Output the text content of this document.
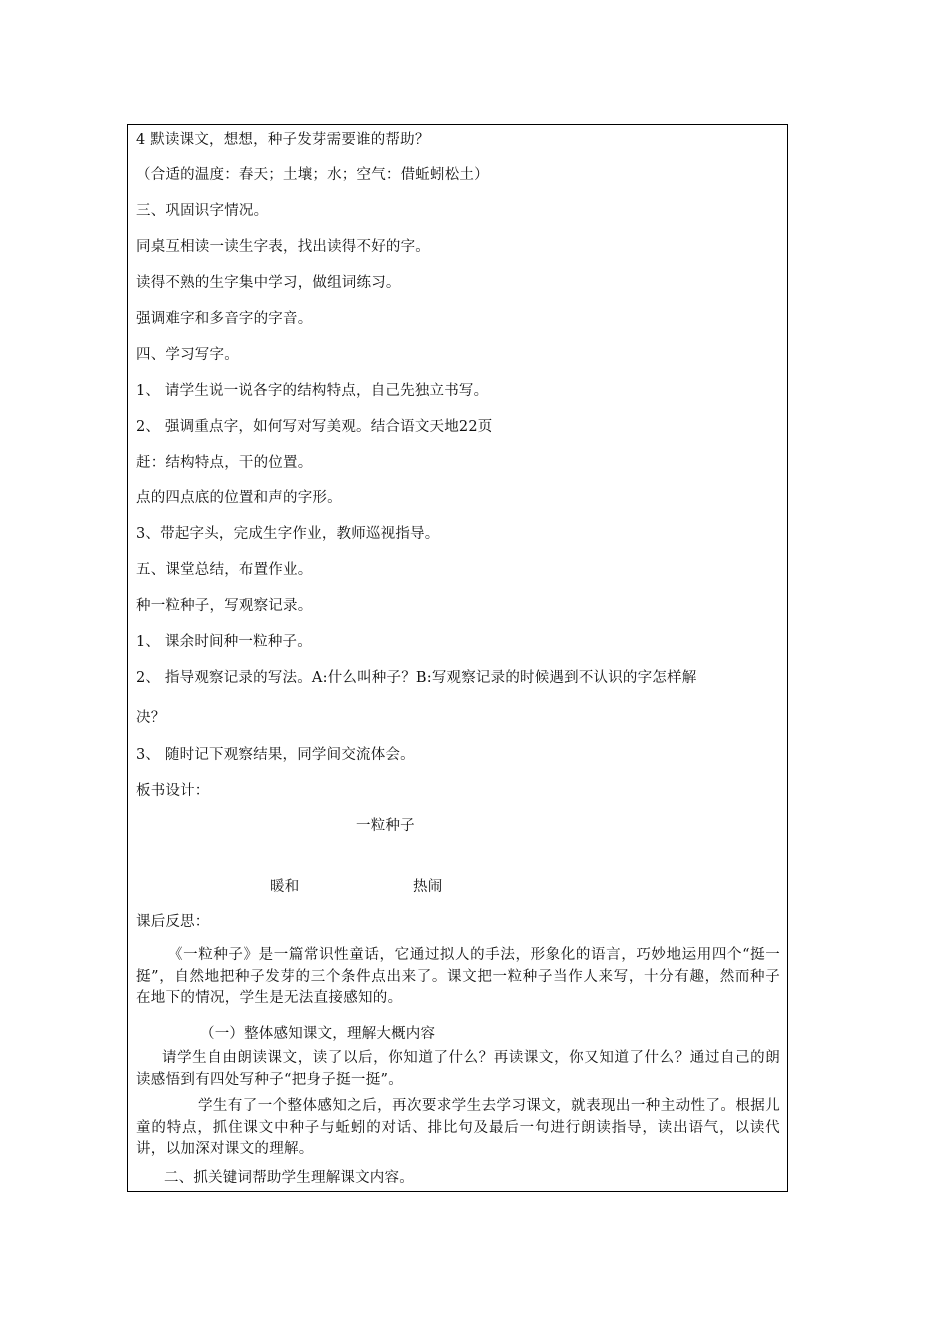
4 默读课文，想想，种子发芽需要谁的帮助？
（合适的温度：春天；土壤；水；空气：借蚯蚓松土）
三、巩固识字情况。
同桌互相读一读生字表，找出读得不好的字。
读得不熟的生字集中学习，做组词练习。
强调难字和多音字的字音。
四、学习写字。
1、 请学生说一说各字的结构特点，自己先独立书写。
2、 强调重点字，如何写对写美观。结合语文天地22页
赶：结构特点，干的位置。
点的四点底的位置和声的字形。
3、带起字头，完成生字作业，教师巡视指导。
五、课堂总结，布置作业。
种一粒种子，写观察记录。
1、 课余时间种一粒种子。
2、 指导观察记录的写法。A:什么叫种子？B:写观察记录的时候遇到不认识的字怎样解
决？
3、 随时记下观察结果，同学间交流体会。
板书设计：
一粒种子
暖和	热闹
课后反思：
《一粒种子》是一篇常识性童话，它通过拟人的手法，形象化的语言，巧妙地运用四个“挺一挺”，自然地把种子发芽的三个条件点出来了。课文把一粒种子当作人来写，十分有趣，然而种子在地下的情况，学生是无法直接感知的。
（一）整体感知课文，理解大概内容
请学生自由朗读课文，读了以后，你知道了什么？再读课文，你又知道了什么？通过自己的朗读感悟到有四处写种子“把身子挺一挺”。
学生有了一个整体感知之后，再次要求学生去学习课文，就表现出一种主动性了。根据儿童的特点，抓住课文中种子与蚯蚓的对话、排比句及最后一句进行朗读指导，读出语气，以读代讲，以加深对课文的理解。
二、抓关键词帮助学生理解课文内容。
